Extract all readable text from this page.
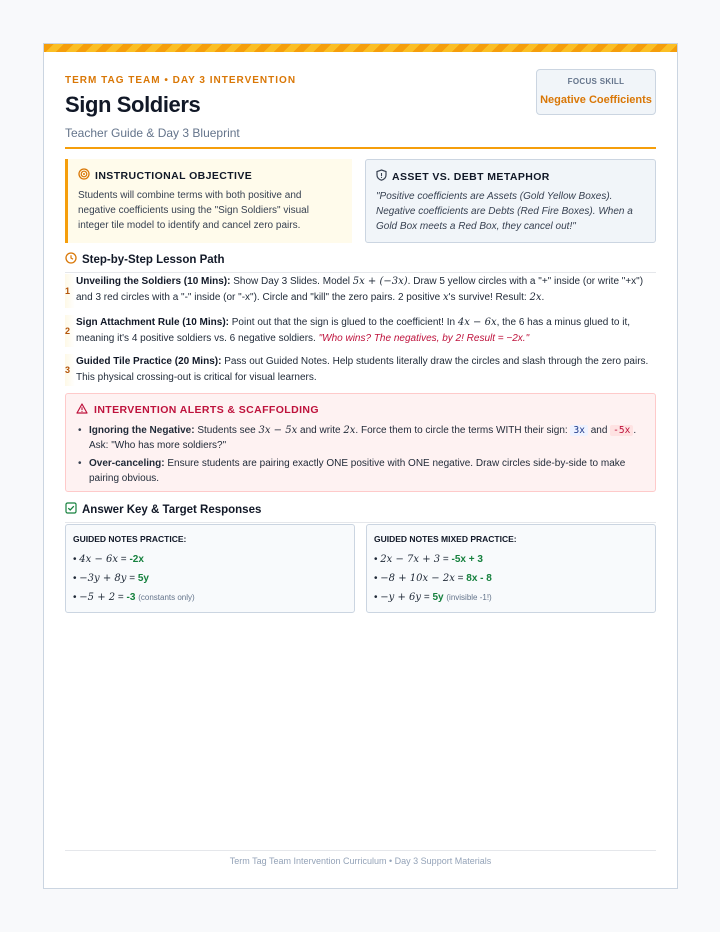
TERM TAG TEAM • DAY 3 INTERVENTION
Sign Soldiers
Teacher Guide & Day 3 Blueprint
FOCUS SKILL
Negative Coefficients
INSTRUCTIONAL OBJECTIVE
Students will combine terms with both positive and negative coefficients using the "Sign Soldiers" visual integer tile model to identify and cancel zero pairs.
ASSET VS. DEBT METAPHOR
"Positive coefficients are Assets (Gold Yellow Boxes). Negative coefficients are Debts (Red Fire Boxes). When a Gold Box meets a Red Box, they cancel out!"
Step-by-Step Lesson Path
1
Unveiling the Soldiers (10 Mins): Show Day 3 Slides. Model 5x + (−3x). Draw 5 yellow circles with a "+" inside (or write "+x") and 3 red circles with a "-" inside (or "-x"). Circle and "kill" the zero pairs. 2 positive x's survive! Result: 2x.
2
Sign Attachment Rule (10 Mins): Point out that the sign is glued to the coefficient! In 4x − 6x, the 6 has a minus glued to it, meaning it's 4 positive soldiers vs. 6 negative soldiers. "Who wins? The negatives, by 2! Result = −2x."
3
Guided Tile Practice (20 Mins): Pass out Guided Notes. Help students literally draw the circles and slash through the zero pairs. This physical crossing-out is critical for visual learners.
INTERVENTION ALERTS & SCAFFOLDING
• Ignoring the Negative: Students see 3x − 5x and write 2x. Force them to circle the terms WITH their sign: 3x and -5x . Ask: "Who has more soldiers?"
• Over-canceling: Ensure students are pairing exactly ONE positive with ONE negative. Draw circles side-by-side to make pairing obvious.
Answer Key & Target Responses
GUIDED NOTES PRACTICE:
• 4x − 6x = -2x
• −3y + 8y = 5y
• −5 + 2 = -3 (constants only)
GUIDED NOTES MIXED PRACTICE:
• 2x − 7x + 3 = -5x + 3
• −8 + 10x − 2x = 8x - 8
• −y + 6y = 5y (invisible -1!)
Term Tag Team Intervention Curriculum • Day 3 Support Materials
